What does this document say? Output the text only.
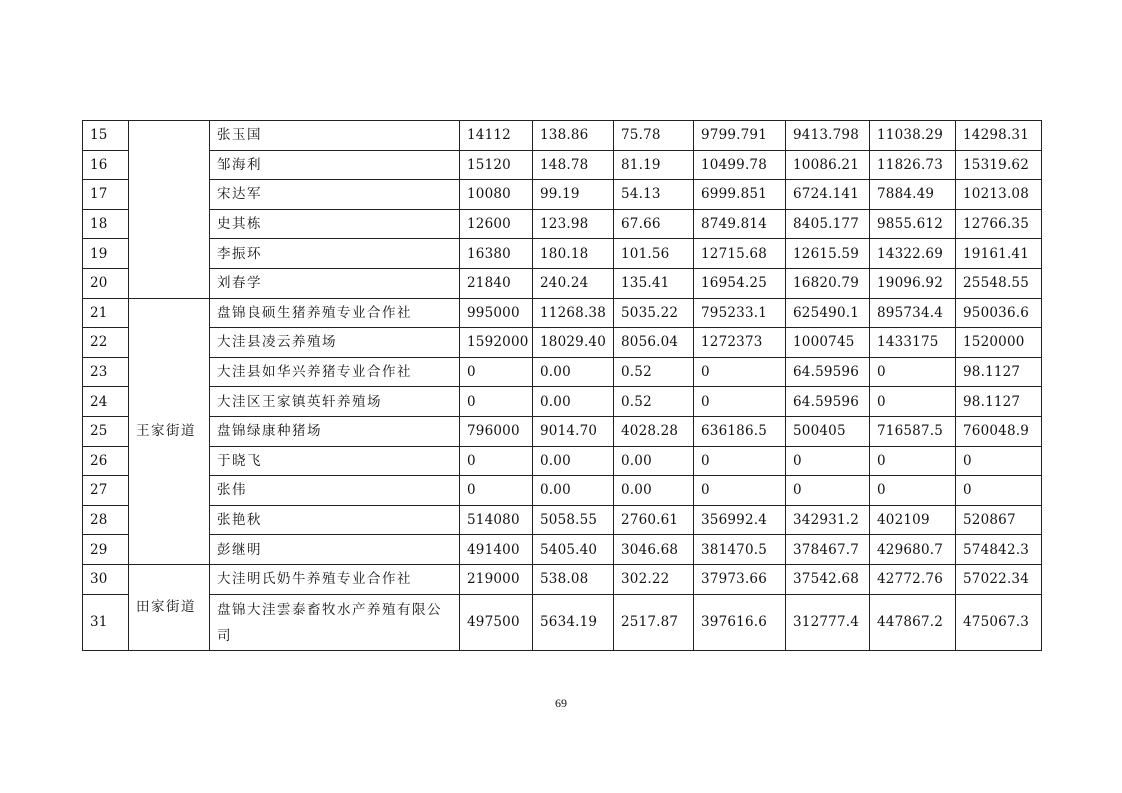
15		张玉国	14112	138.86	75.78	9799.791	9413.798	11038.29	14298.31
16		邹海利	15120	148.78	81.19	10499.78	10086.21	11826.73	15319.62
17		宋达军	10080	99.19	54.13	6999.851	6724.141	7884.49	10213.08
18		史其栋	12600	123.98	67.66	8749.814	8405.177	9855.612	12766.35
19		李振环	16380	180.18	101.56	12715.68	12615.59	14322.69	19161.41
20		刘春学	21840	240.24	135.41	16954.25	16820.79	19096.92	25548.55
21	王家街道	盘锦良硕生猪养殖专业合作社	995000	11268.38	5035.22	795233.1	625490.1	895734.4	950036.6
22		大洼县凌云养殖场	1592000	18029.40	8056.04	1272373	1000745	1433175	1520000
23		大洼县如华兴养猪专业合作社	0	0.00	0.52	0	64.59596	0	98.1127
24		大洼区王家镇英轩养殖场	0	0.00	0.52	0	64.59596	0	98.1127
25		盘锦绿康种猪场	796000	9014.70	4028.28	636186.5	500405	716587.5	760048.9
26		于晓飞	0	0.00	0.00	0	0	0	0
27		张伟	0	0.00	0.00	0	0	0	0
28		张艳秋	514080	5058.55	2760.61	356992.4	342931.2	402109	520867
29		彭继明	491400	5405.40	3046.68	381470.5	378467.7	429680.7	574842.3
30	田家街道	大洼明氏奶牛养殖专业合作社	219000	538.08	302.22	37973.66	37542.68	42772.76	57022.34
31		盘锦大洼雲泰畜牧水产养殖有限公司	497500	5634.19	2517.87	397616.6	312777.4	447867.2	475067.3
69
